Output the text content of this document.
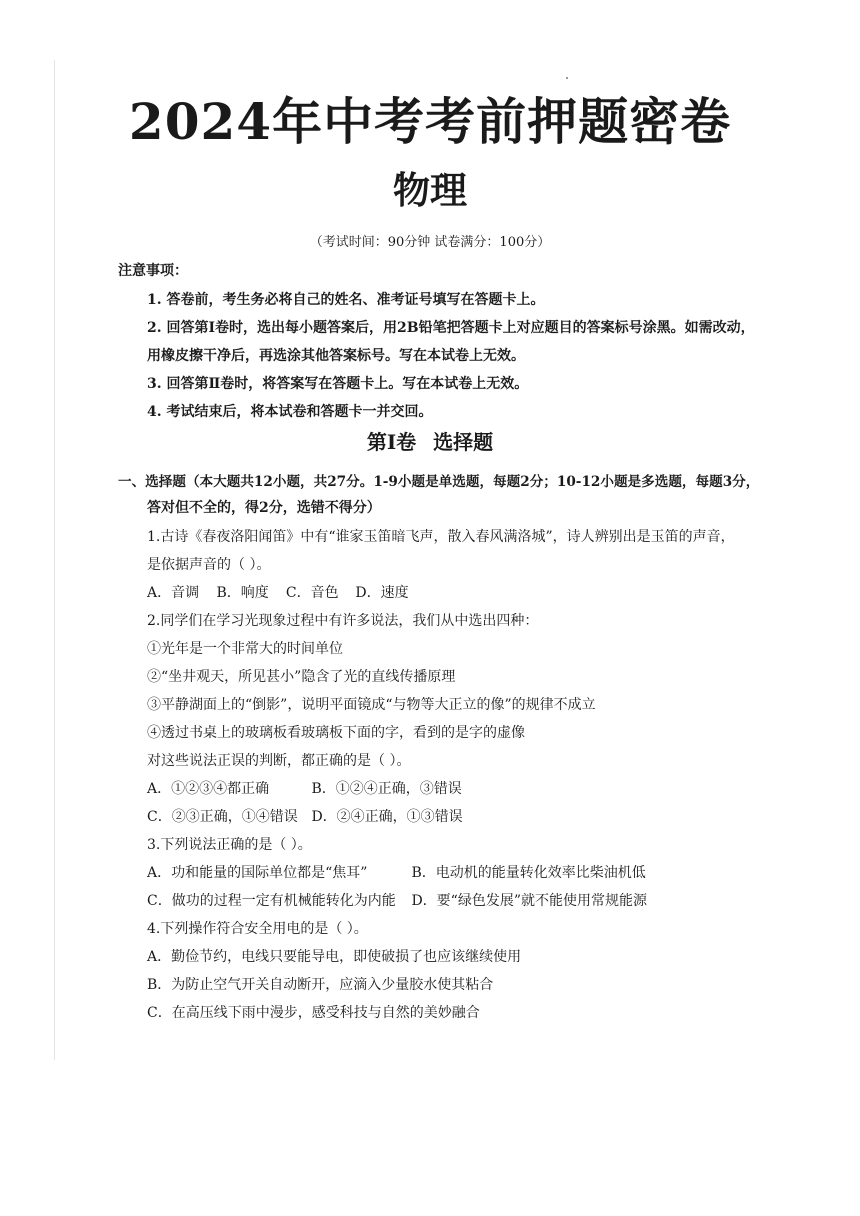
2024年中考考前押题密卷
物理
（考试时间：90分钟 试卷满分：100分）
注意事项：
1. 答卷前，考生务必将自己的姓名、准考证号填写在答题卡上。
2. 回答第Ⅰ卷时，选出每小题答案后，用2B铅笔把答题卡上对应题目的答案标号涂黑。如需改动，
用橡皮擦干净后，再选涂其他答案标号。写在本试卷上无效。
3. 回答第Ⅱ卷时，将答案写在答题卡上。写在本试卷上无效。
4. 考试结束后，将本试卷和答题卡一并交回。
第Ⅰ卷 选择题
一、选择题（本大题共12小题，共27分。1-9小题是单选题，每题2分；10-12小题是多选题，每题3分，
答对但不全的，得2分，选错不得分）
1.古诗《春夜洛阳闻笛》中有“谁家玉笛暗飞声，散入春风满洛城”，诗人辨别出是玉笛的声音，
是依据声音的（ ）。
A．音调 B．响度 C．音色 D．速度
2.同学们在学习光现象过程中有许多说法，我们从中选出四种：
①光年是一个非常大的时间单位
②“坐井观天，所见甚小”隐含了光的直线传播原理
③平静湖面上的“倒影”，说明平面镜成“与物等大正立的像”的规律不成立
④透过书桌上的玻璃板看玻璃板下面的字，看到的是字的虚像
对这些说法正误的判断，都正确的是（ ）。
A．①②③④都正确	B．①②④正确，③错误
C．②③正确，①④错误 D．②④正确，①③错误
3.下列说法正确的是（ ）。
A．功和能量的国际单位都是“焦耳”	B．电动机的能量转化效率比柴油机低
C．做功的过程一定有机械能转化为内能 D．要“绿色发展”就不能使用常规能源
4.下列操作符合安全用电的是（ ）。
A．勤俭节约，电线只要能导电，即使破损了也应该继续使用
B．为防止空气开关自动断开，应滴入少量胶水使其粘合
C．在高压线下雨中漫步，感受科技与自然的美妙融合
